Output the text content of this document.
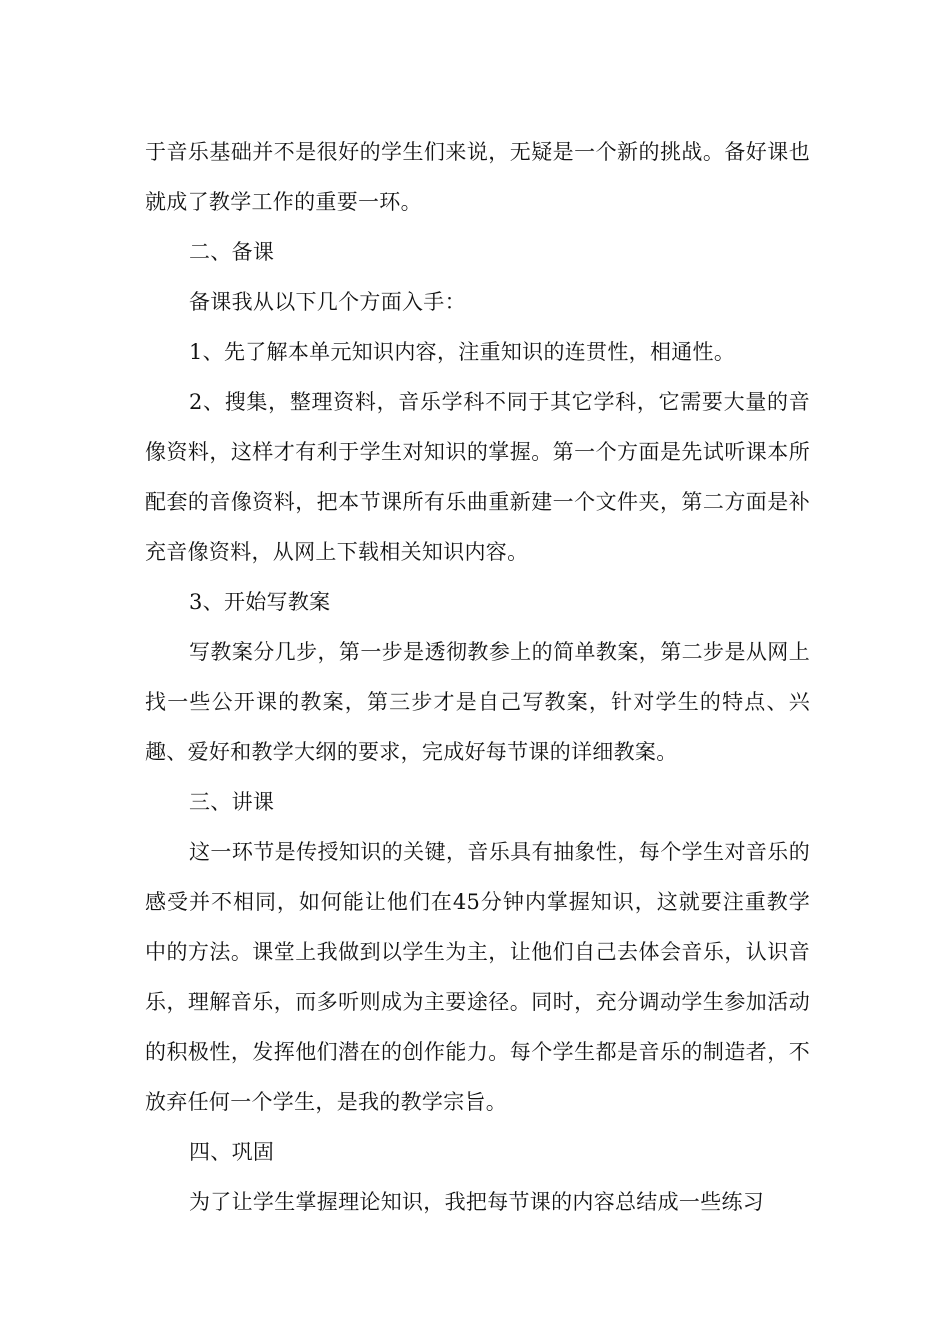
于音乐基础并不是很好的学生们来说，无疑是一个新的挑战。备好课也就成了教学工作的重要一环。

二、备课

备课我从以下几个方面入手：

1、先了解本单元知识内容，注重知识的连贯性，相通性。

2、搜集，整理资料，音乐学科不同于其它学科，它需要大量的音像资料，这样才有利于学生对知识的掌握。第一个方面是先试听课本所配套的音像资料，把本节课所有乐曲重新建一个文件夹，第二方面是补充音像资料，从网上下载相关知识内容。

3、开始写教案

写教案分几步，第一步是透彻教参上的简单教案，第二步是从网上找一些公开课的教案，第三步才是自己写教案，针对学生的特点、兴趣、爱好和教学大纲的要求，完成好每节课的详细教案。

三、讲课

这一环节是传授知识的关键，音乐具有抽象性，每个学生对音乐的感受并不相同，如何能让他们在45分钟内掌握知识，这就要注重教学中的方法。课堂上我做到以学生为主，让他们自己去体会音乐，认识音乐，理解音乐，而多听则成为主要途径。同时，充分调动学生参加活动的积极性，发挥他们潜在的创作能力。每个学生都是音乐的制造者，不放弃任何一个学生，是我的教学宗旨。

四、巩固

为了让学生掌握理论知识，我把每节课的内容总结成一些练习
